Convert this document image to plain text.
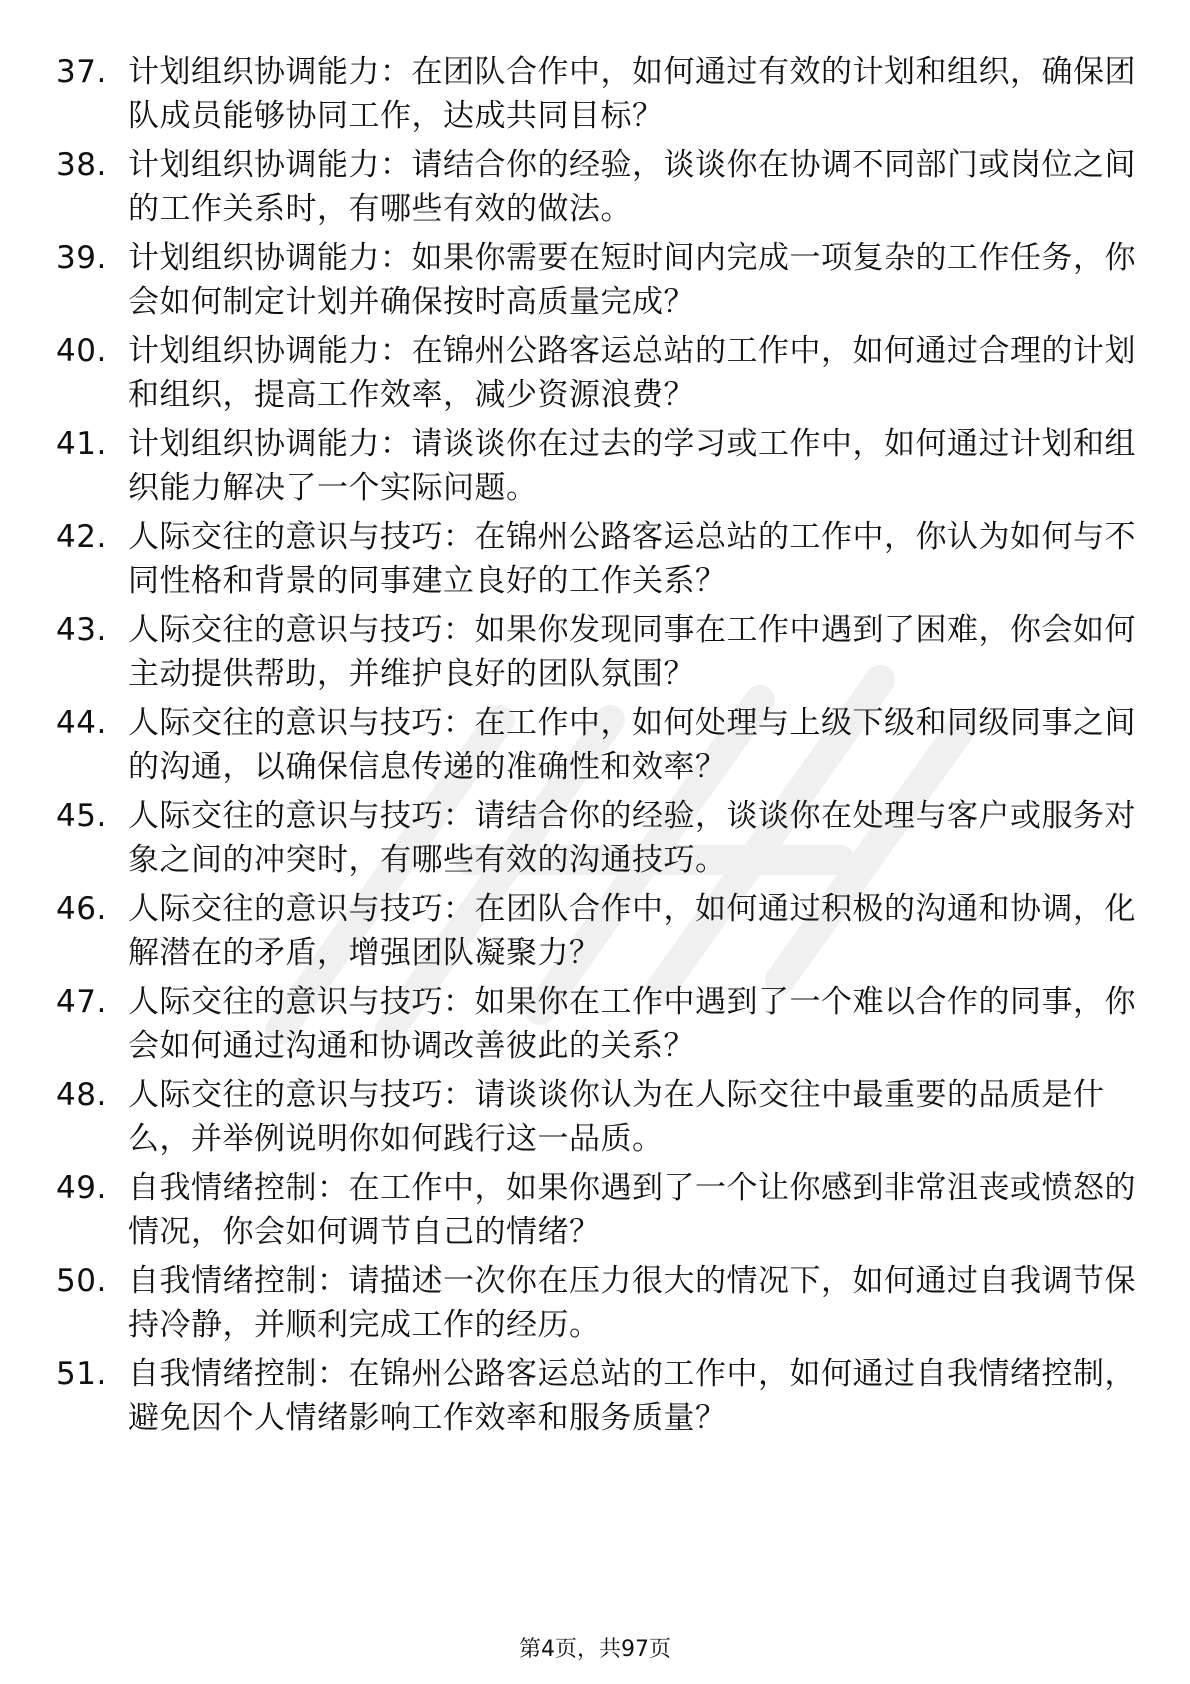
37. 计划组织协调能力：在团队合作中，如何通过有效的计划和组织，确保团队成员能够协同工作，达成共同目标？
38. 计划组织协调能力：请结合你的经验，谈谈你在协调不同部门或岗位之间的工作关系时，有哪些有效的做法。
39. 计划组织协调能力：如果你需要在短时间内完成一项复杂的工作任务，你会如何制定计划并确保按时高质量完成？
40. 计划组织协调能力：在锦州公路客运总站的工作中，如何通过合理的计划和组织，提高工作效率，减少资源浪费？
41. 计划组织协调能力：请谈谈你在过去的学习或工作中，如何通过计划和组织能力解决了一个实际问题。
42. 人际交往的意识与技巧：在锦州公路客运总站的工作中，你认为如何与不同性格和背景的同事建立良好的工作关系？
43. 人际交往的意识与技巧：如果你发现同事在工作中遇到了困难，你会如何主动提供帮助，并维护良好的团队氛围？
44. 人际交往的意识与技巧：在工作中，如何处理与上级下级和同级同事之间的沟通，以确保信息传递的准确性和效率？
45. 人际交往的意识与技巧：请结合你的经验，谈谈你在处理与客户或服务对象之间的冲突时，有哪些有效的沟通技巧。
46. 人际交往的意识与技巧：在团队合作中，如何通过积极的沟通和协调，化解潜在的矛盾，增强团队凝聚力？
47. 人际交往的意识与技巧：如果你在工作中遇到了一个难以合作的同事，你会如何通过沟通和协调改善彼此的关系？
48. 人际交往的意识与技巧：请谈谈你认为在人际交往中最重要的品质是什么，并举例说明你如何践行这一品质。
49. 自我情绪控制：在工作中，如果你遇到了一个让你感到非常沮丧或愤怒的情况，你会如何调节自己的情绪？
50. 自我情绪控制：请描述一次你在压力很大的情况下，如何通过自我调节保持冷静，并顺利完成工作的经历。
51. 自我情绪控制：在锦州公路客运总站的工作中，如何通过自我情绪控制，避免因个人情绪影响工作效率和服务质量？
第4页，共97页
